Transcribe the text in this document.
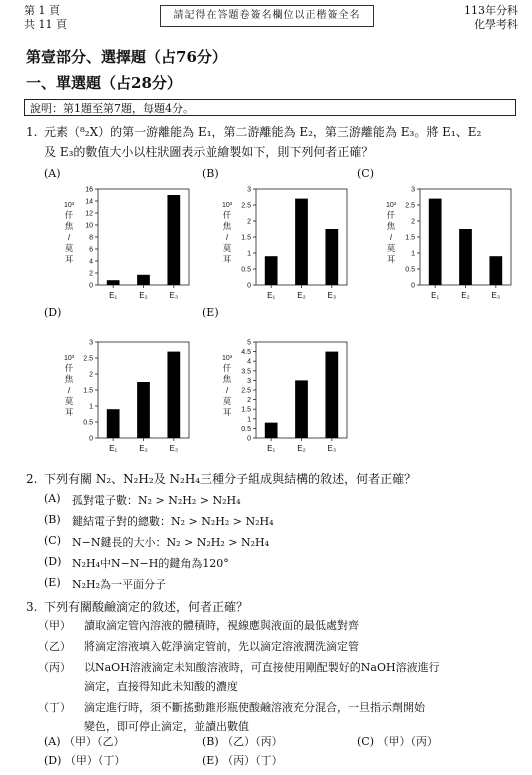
第 1 頁
共 11 頁
請記得在答題卷簽名欄位以正楷簽全名	113年分科
化學考科
第壹部分、選擇題（占76分）
一、單選題（占28分）
說明：第1題至第7題，每題4分。
1. 元素（⁸₂X）的第一游離能為 E₁，第二游離能為 E₂，第三游離能為 E₃。將 E₁、E₂
及 E₃的數值大小以柱狀圖表示並繪製如下，則下列何者正確？
(A)	(B)	(C)
(D)	(E)
0
2
4
6
8
10
12
14
16
E₁	E₂	E₃
10³
仟
焦
/
莫
耳
0
0.5
1
1.5
2
2.5
3
E₁	E₂	E₃
10³
仟
焦
/
莫
耳
0
0.5
1
1.5
2
2.5
3
E₁	E₂	E₃
10³
仟
焦
/
莫
耳
0
0.5
1
1.5
2
2.5
3
E₁	E₂	E₃
10³
仟
焦
/
莫
耳
0
0.5
1
1.5
2
2.5
3
3.5
4
4.5
5
E₁	E₂	E₃
10³
仟
焦
/
莫
耳
2. 下列有關 N₂、N₂H₂及 N₂H₄三種分子組成與結構的敘述，何者正確？
(A) 孤對電子數：N₂ > N₂H₂ > N₂H₄
(B) 鍵結電子對的總數：N₂ > N₂H₂ > N₂H₄
(C) N−N鍵長的大小：N₂ > N₂H₂ > N₂H₄
(D) N₂H₄中N−N−H的鍵角為120°
(E) N₂H₂為一平面分子
3. 下列有關酸鹼滴定的敘述，何者正確？
（甲） 讀取滴定管內溶液的體積時，視線應與液面的最低處對齊
（乙） 將滴定溶液填入乾淨滴定管前，先以滴定溶液潤洗滴定管
（丙） 以NaOH溶液滴定未知酸溶液時，可直接使用剛配製好的NaOH溶液進行
滴定，直接得知此未知酸的濃度
（丁） 滴定進行時，須不斷搖動錐形瓶使酸鹼溶液充分混合，一旦指示劑開始
變色，即可停止滴定，並讀出數值
(A) （甲）（乙）	(B) （乙）（丙）	(C) （甲）（丙）
(D) （甲）（丁）	(E) （丙）（丁）
